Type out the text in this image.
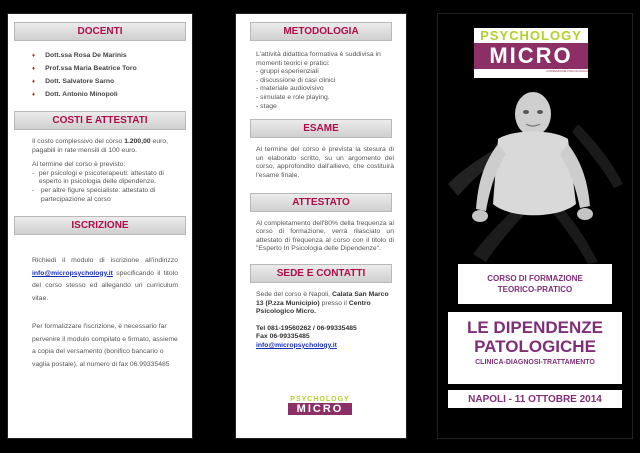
DOCENTI
♦ Dott.ssa Rosa De Marinis
♦ Prof.ssa Maria Beatrice Toro
♦ Dott. Salvatore Sarno
♦ Dott. Antonio Minopoli
COSTI E ATTESTATI
Il costo complessivo del corso 1.200,00 euro, pagabili in rate mensili di 100 euro.
Al termine del corso è previsto:
- per psicologi e psicoterapeuti: attestato di esperto in psicologia delle dipendenze.
- per altre figure specialiste: attestato di partecipazione al corso
ISCRIZIONE
Richiedi il modulo di iscrizione all'indirizzo info@micropsychology.it specificando il titolo del corso stesso ed allegando un curriculum vitae.
Per formalizzare l'iscrizione, è necessario far pervenire il modulo compilato e firmato, assieme a copia del versamento (bonifico bancario o vaglia postale), al numero di fax 06.99335485
METODOLOGIA
L'attività didattica formativa è suddivisa in momenti teorici e pratici:
- gruppi esperienziali
- discussione di casi clinici
- materiale audiovisivo
- simulate e role playing.
- stage
ESAME
Al termine del corso è prevista la stesura di un elaborato scritto, su un argomento del corso, approfondito dall'allievo, che costituirà l'esame finale.
ATTESTATO
Al completamento dell'80% della frequenza al corso di formazione, verrà rilasciato un attestato di frequenza al corso con il titolo di "Esperto In Psicologia delle Dipendenze".
SEDE E CONTATTI
Sede del corso è Napoli, Calata San Marco 13 (P.zza Municipio) presso il Centro Psicologico Micro.
Tel 081-19560262 / 06-99335485
Fax 06-99335485
info@micropsychology.it
PSYCHOLOGY
MICRO
PSYCHOLOGY
MICRO
FORMAZIONE PSICOLOGICA
CORSO DI FORMAZIONE
TEORICO-PRATICO
LE DIPENDENZE
PATOLOGICHE
CLINICA-DIAGNOSI-TRATTAMENTO
NAPOLI - 11 OTTOBRE 2014
